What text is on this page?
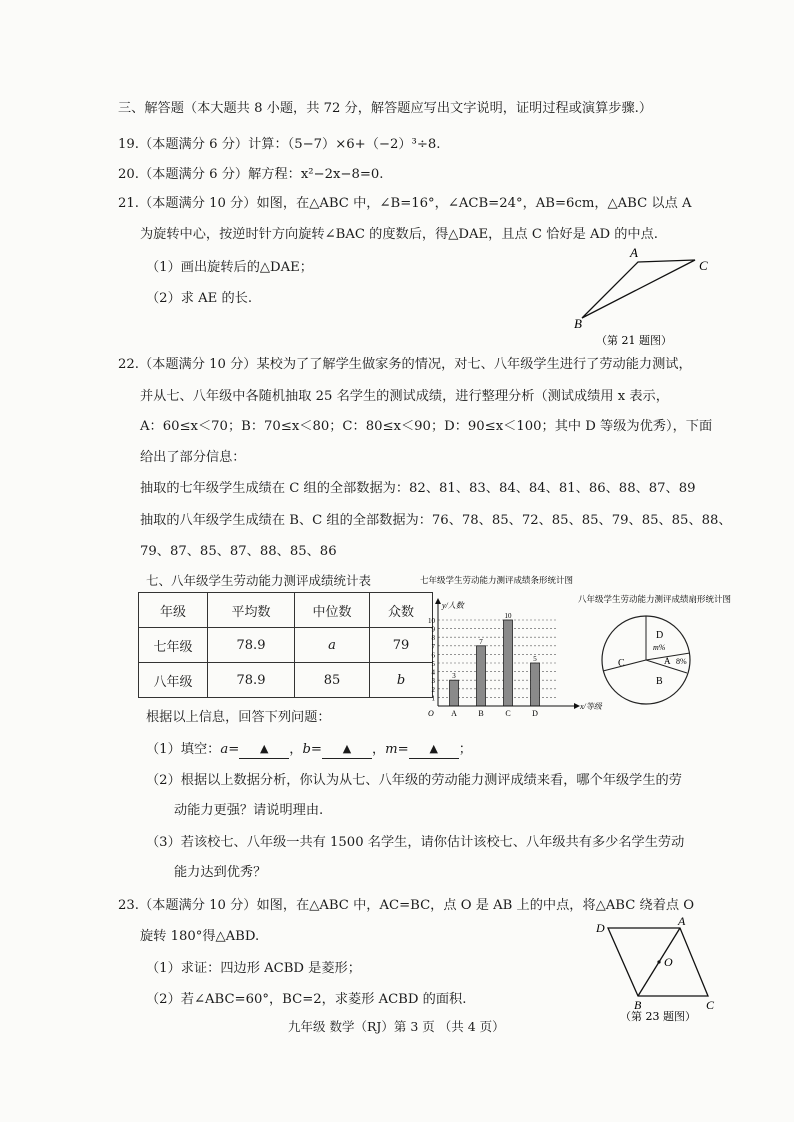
三、解答题（本大题共 8 小题，共 72 分，解答题应写出文字说明，证明过程或演算步骤.）
19.（本题满分 6 分）计算：（5−7）×6+（−2）³÷8.
20.（本题满分 6 分）解方程：x²−2x−8=0.
21.（本题满分 10 分）如图，在△ABC 中，∠B=16°，∠ACB=24°，AB=6cm，△ABC 以点 A
为旋转中心，按逆时针方向旋转∠BAC 的度数后，得△DAE，且点 C 恰好是 AD 的中点.
（1）画出旋转后的△DAE；
（2）求 AE 的长.
A
C
B
（第 21 题图）
22.（本题满分 10 分）某校为了了解学生做家务的情况，对七、八年级学生进行了劳动能力测试，
并从七、八年级中各随机抽取 25 名学生的测试成绩，进行整理分析（测试成绩用 x 表示，
A：60≤x＜70；B：70≤x＜80；C：80≤x＜90；D：90≤x＜100；其中 D 等级为优秀），下面
给出了部分信息：
抽取的七年级学生成绩在 C 组的全部数据为：82、81、83、84、84、81、86、88、87、89
抽取的八年级学生成绩在 B、C 组的全部数据为：76、78、85、72、85、85、79、85、85、88、
79、87、85、87、88、85、86
七、八年级学生劳动能力测评成绩统计表
年级	平均数	中位数	众数
七年级	78.9	a	79
八年级	78.9	85	b
七年级学生劳动能力测评成绩条形统计图
3
7
10
5
1
2
3
4
5
6
7
8
9
10
y/人数
x/等级
O A	B	C	D
八年级学生劳动能力测评成绩扇形统计图
D
m%
A 8%
C
B
根据以上信息，回答下列问题：
（1）填空：a= ▲ ，b= ▲ ，m= ▲ ；
（2）根据以上数据分析，你认为从七、八年级的劳动能力测评成绩来看，哪个年级学生的劳
动能力更强？请说明理由.
（3）若该校七、八年级一共有 1500 名学生，请你估计该校七、八年级共有多少名学生劳动
能力达到优秀？
23.（本题满分 10 分）如图，在△ABC 中，AC=BC，点 O 是 AB 上的中点，将△ABC 绕着点 O
旋转 180°得△ABD.
（1）求证：四边形 ACBD 是菱形；
（2）若∠ABC=60°，BC=2，求菱形 ACBD 的面积.
D	A
O
B	C
（第 23 题图）
九年级 数学（RJ）第 3 页 （共 4 页）
